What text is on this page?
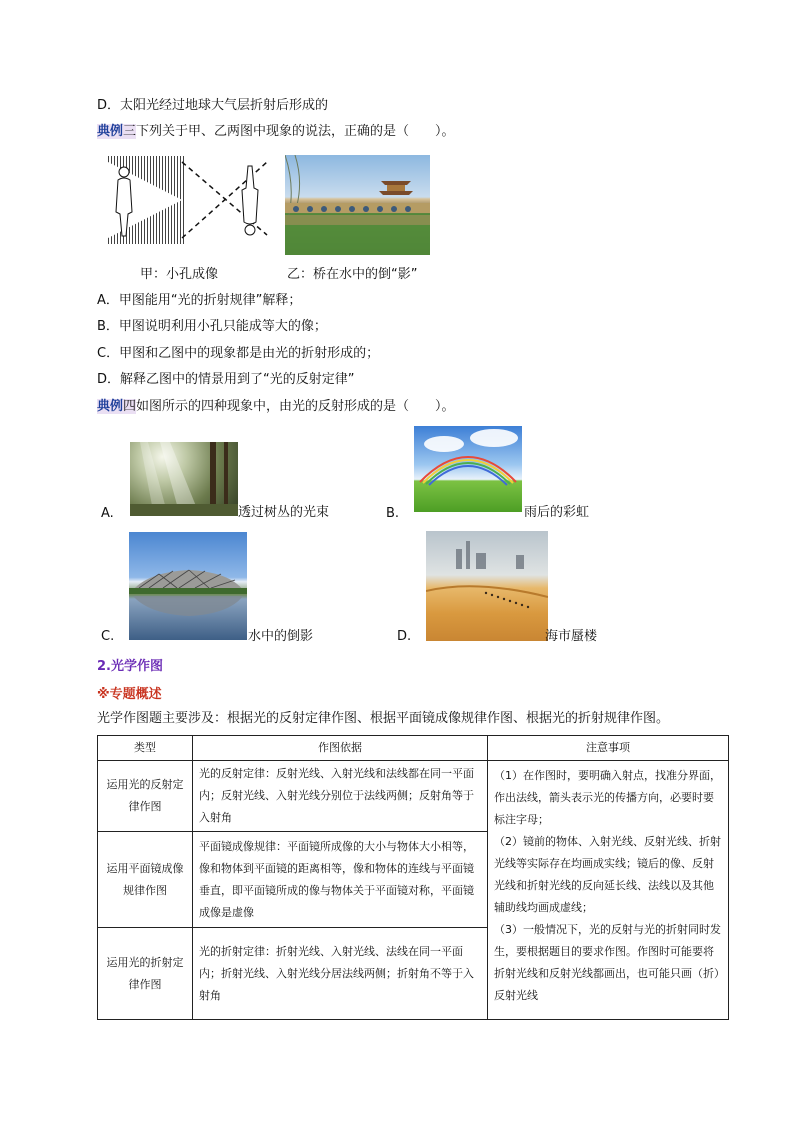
D．太阳光经过地球大气层折射后形成的
典例三下列关于甲、乙两图中现象的说法，正确的是（　　）。
甲：小孔成像	乙：桥在水中的倒“影”
A．甲图能用“光的折射规律”解释；
B．甲图说明利用小孔只能成等大的像；
C．甲图和乙图中的现象都是由光的折射形成的；
D．解释乙图中的情景用到了“光的反射定律”
典例四如图所示的四种现象中，由光的反射形成的是（　　）。
A.	透过树丛的光束	B.	雨后的彩虹
C.	水中的倒影	D.	海市蜃楼
2.光学作图
※专题概述
光学作图题主要涉及：根据光的反射定律作图、根据平面镜成像规律作图、根据光的折射规律作图。
类型	作图依据	注意事项
运用光的反射定律作图	光的反射定律：反射光线、入射光线和法线都在同一平面内；反射光线、入射光线分别位于法线两侧；反射角等于入射角	（1）在作图时，要明确入射点，找准分界面，作出法线，箭头表示光的传播方向，必要时要标注字母；
（2）镜前的物体、入射光线、反射光线、折射光线等实际存在均画成实线；镜后的像、反射光线和折射光线的反向延长线、法线以及其他辅助线均画成虚线；
（3）一般情况下，光的反射与光的折射同时发生，要根据题目的要求作图。作图时可能要将折射光线和反射光线都画出，也可能只画（折）反射光线

运用平面镜成像规律作图	平面镜成像规律：平面镜所成像的大小与物体大小相等，像和物体到平面镜的距离相等，像和物体的连线与平面镜垂直，即平面镜所成的像与物体关于平面镜对称，平面镜成像是虚像	
运用光的折射定律作图	光的折射定律：折射光线、入射光线、法线在同一平面内；折射光线、入射光线分居法线两侧；折射角不等于入射角	
